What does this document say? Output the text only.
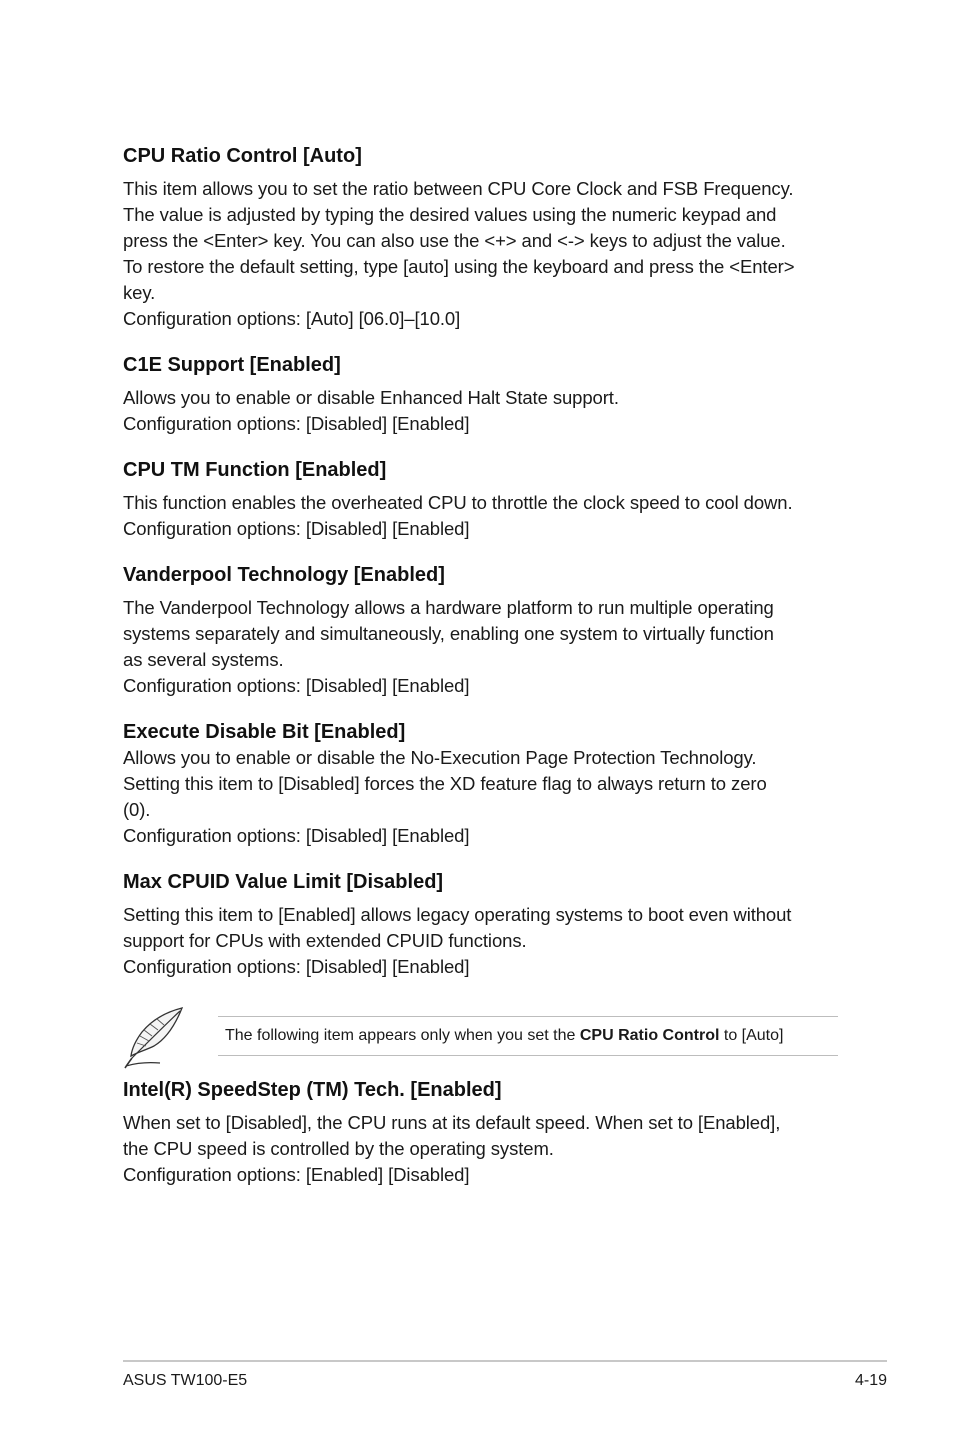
CPU Ratio Control [Auto]

This item allows you to set the ratio between CPU Core Clock and FSB Frequency.
The value is adjusted by typing the desired values using the numeric keypad and
press the <Enter> key. You can also use the <+> and <-> keys to adjust the value.
To restore the default setting, type [auto] using the keyboard and press the <Enter>
key.
Configuration options: [Auto] [06.0]–[10.0]

C1E Support [Enabled]

Allows you to enable or disable Enhanced Halt State support.
Configuration options: [Disabled] [Enabled]

CPU TM Function [Enabled]

This function enables the overheated CPU to throttle the clock speed to cool down.
Configuration options: [Disabled] [Enabled]

Vanderpool Technology [Enabled]

The Vanderpool Technology allows a hardware platform to run multiple operating
systems separately and simultaneously, enabling one system to virtually function
as several systems.
Configuration options: [Disabled] [Enabled]

Execute Disable Bit [Enabled]

Allows you to enable or disable the No-Execution Page Protection Technology.
Setting this item to [Disabled] forces the XD feature flag to always return to zero
(0).
Configuration options: [Disabled] [Enabled]

Max CPUID Value Limit [Disabled]

Setting this item to [Enabled] allows legacy operating systems to boot even without
support for CPUs with extended CPUID functions.
Configuration options: [Disabled] [Enabled]

The following item appears only when you set the CPU Ratio Control to [Auto]
Intel(R) SpeedStep (TM) Tech. [Enabled]

When set to [Disabled], the CPU runs at its default speed. When set to [Enabled],
the CPU speed is controlled by the operating system.
Configuration options: [Enabled] [Disabled]

ASUS TW100-E5	4-19
